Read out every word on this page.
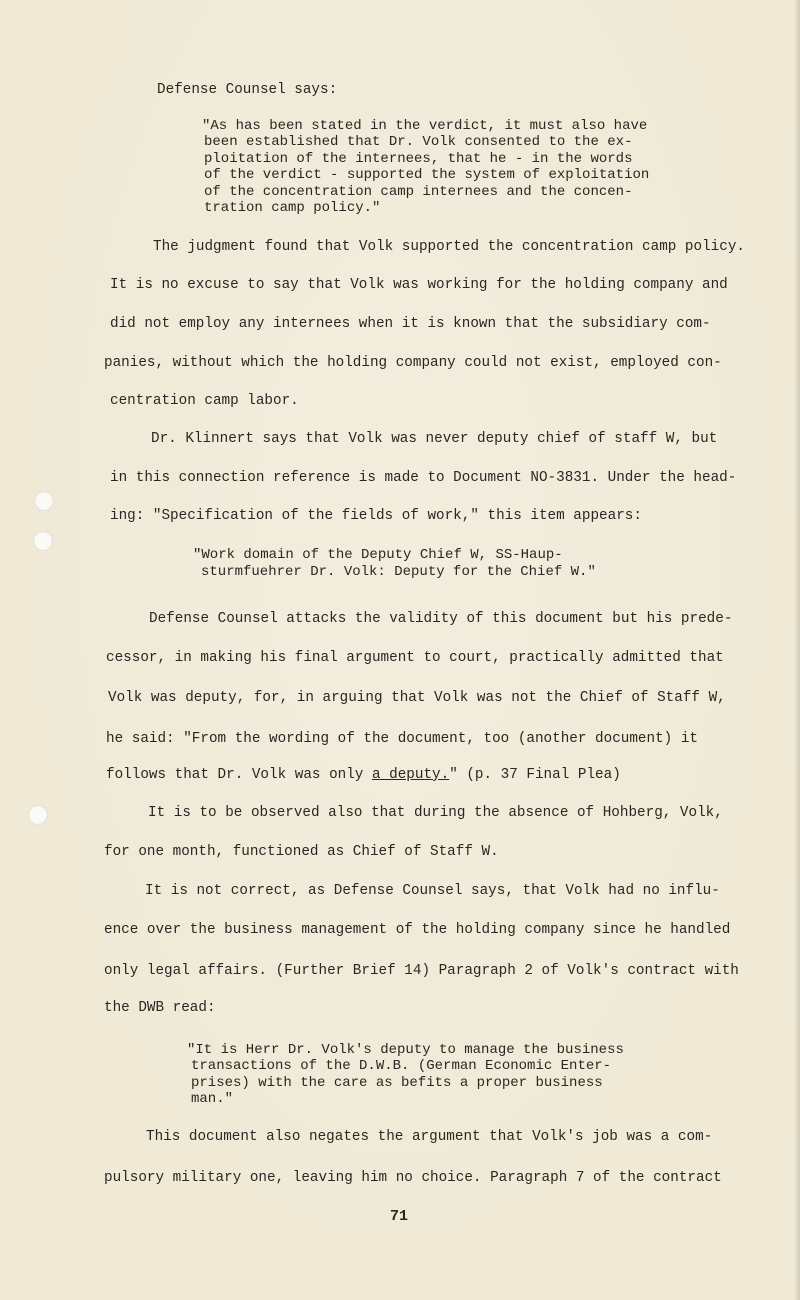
Defense Counsel says:
"As has been stated in the verdict, it must also have
been established that Dr. Volk consented to the ex-
ploitation of the internees, that he - in the words
of the verdict - supported the system of exploitation
of the concentration camp internees and the concen-
tration camp policy."
The judgment found that Volk supported the concentration camp policy.
It is no excuse to say that Volk was working for the holding company and
did not employ any internees when it is known that the subsidiary com-
panies, without which the holding company could not exist, employed con-
centration camp labor.
Dr. Klinnert says that Volk was never deputy chief of staff W, but
in this connection reference is made to Document NO-3831. Under the head-
ing: "Specification of the fields of work," this item appears:
"Work domain of the Deputy Chief W, SS-Haup-
sturmfuehrer Dr. Volk: Deputy for the Chief W."
Defense Counsel attacks the validity of this document but his prede-
cessor, in making his final argument to court, practically admitted that
Volk was deputy, for, in arguing that Volk was not the Chief of Staff W,
he said: "From the wording of the document, too (another document) it
follows that Dr. Volk was only a deputy." (p. 37 Final Plea)
It is to be observed also that during the absence of Hohberg, Volk,
for one month, functioned as Chief of Staff W.
It is not correct, as Defense Counsel says, that Volk had no influ-
ence over the business management of the holding company since he handled
only legal affairs. (Further Brief 14) Paragraph 2 of Volk's contract with
the DWB read:
"It is Herr Dr. Volk's deputy to manage the business
transactions of the D.W.B. (German Economic Enter-
prises) with the care as befits a proper business
man."
This document also negates the argument that Volk's job was a com-
pulsory military one, leaving him no choice. Paragraph 7 of the contract
71
